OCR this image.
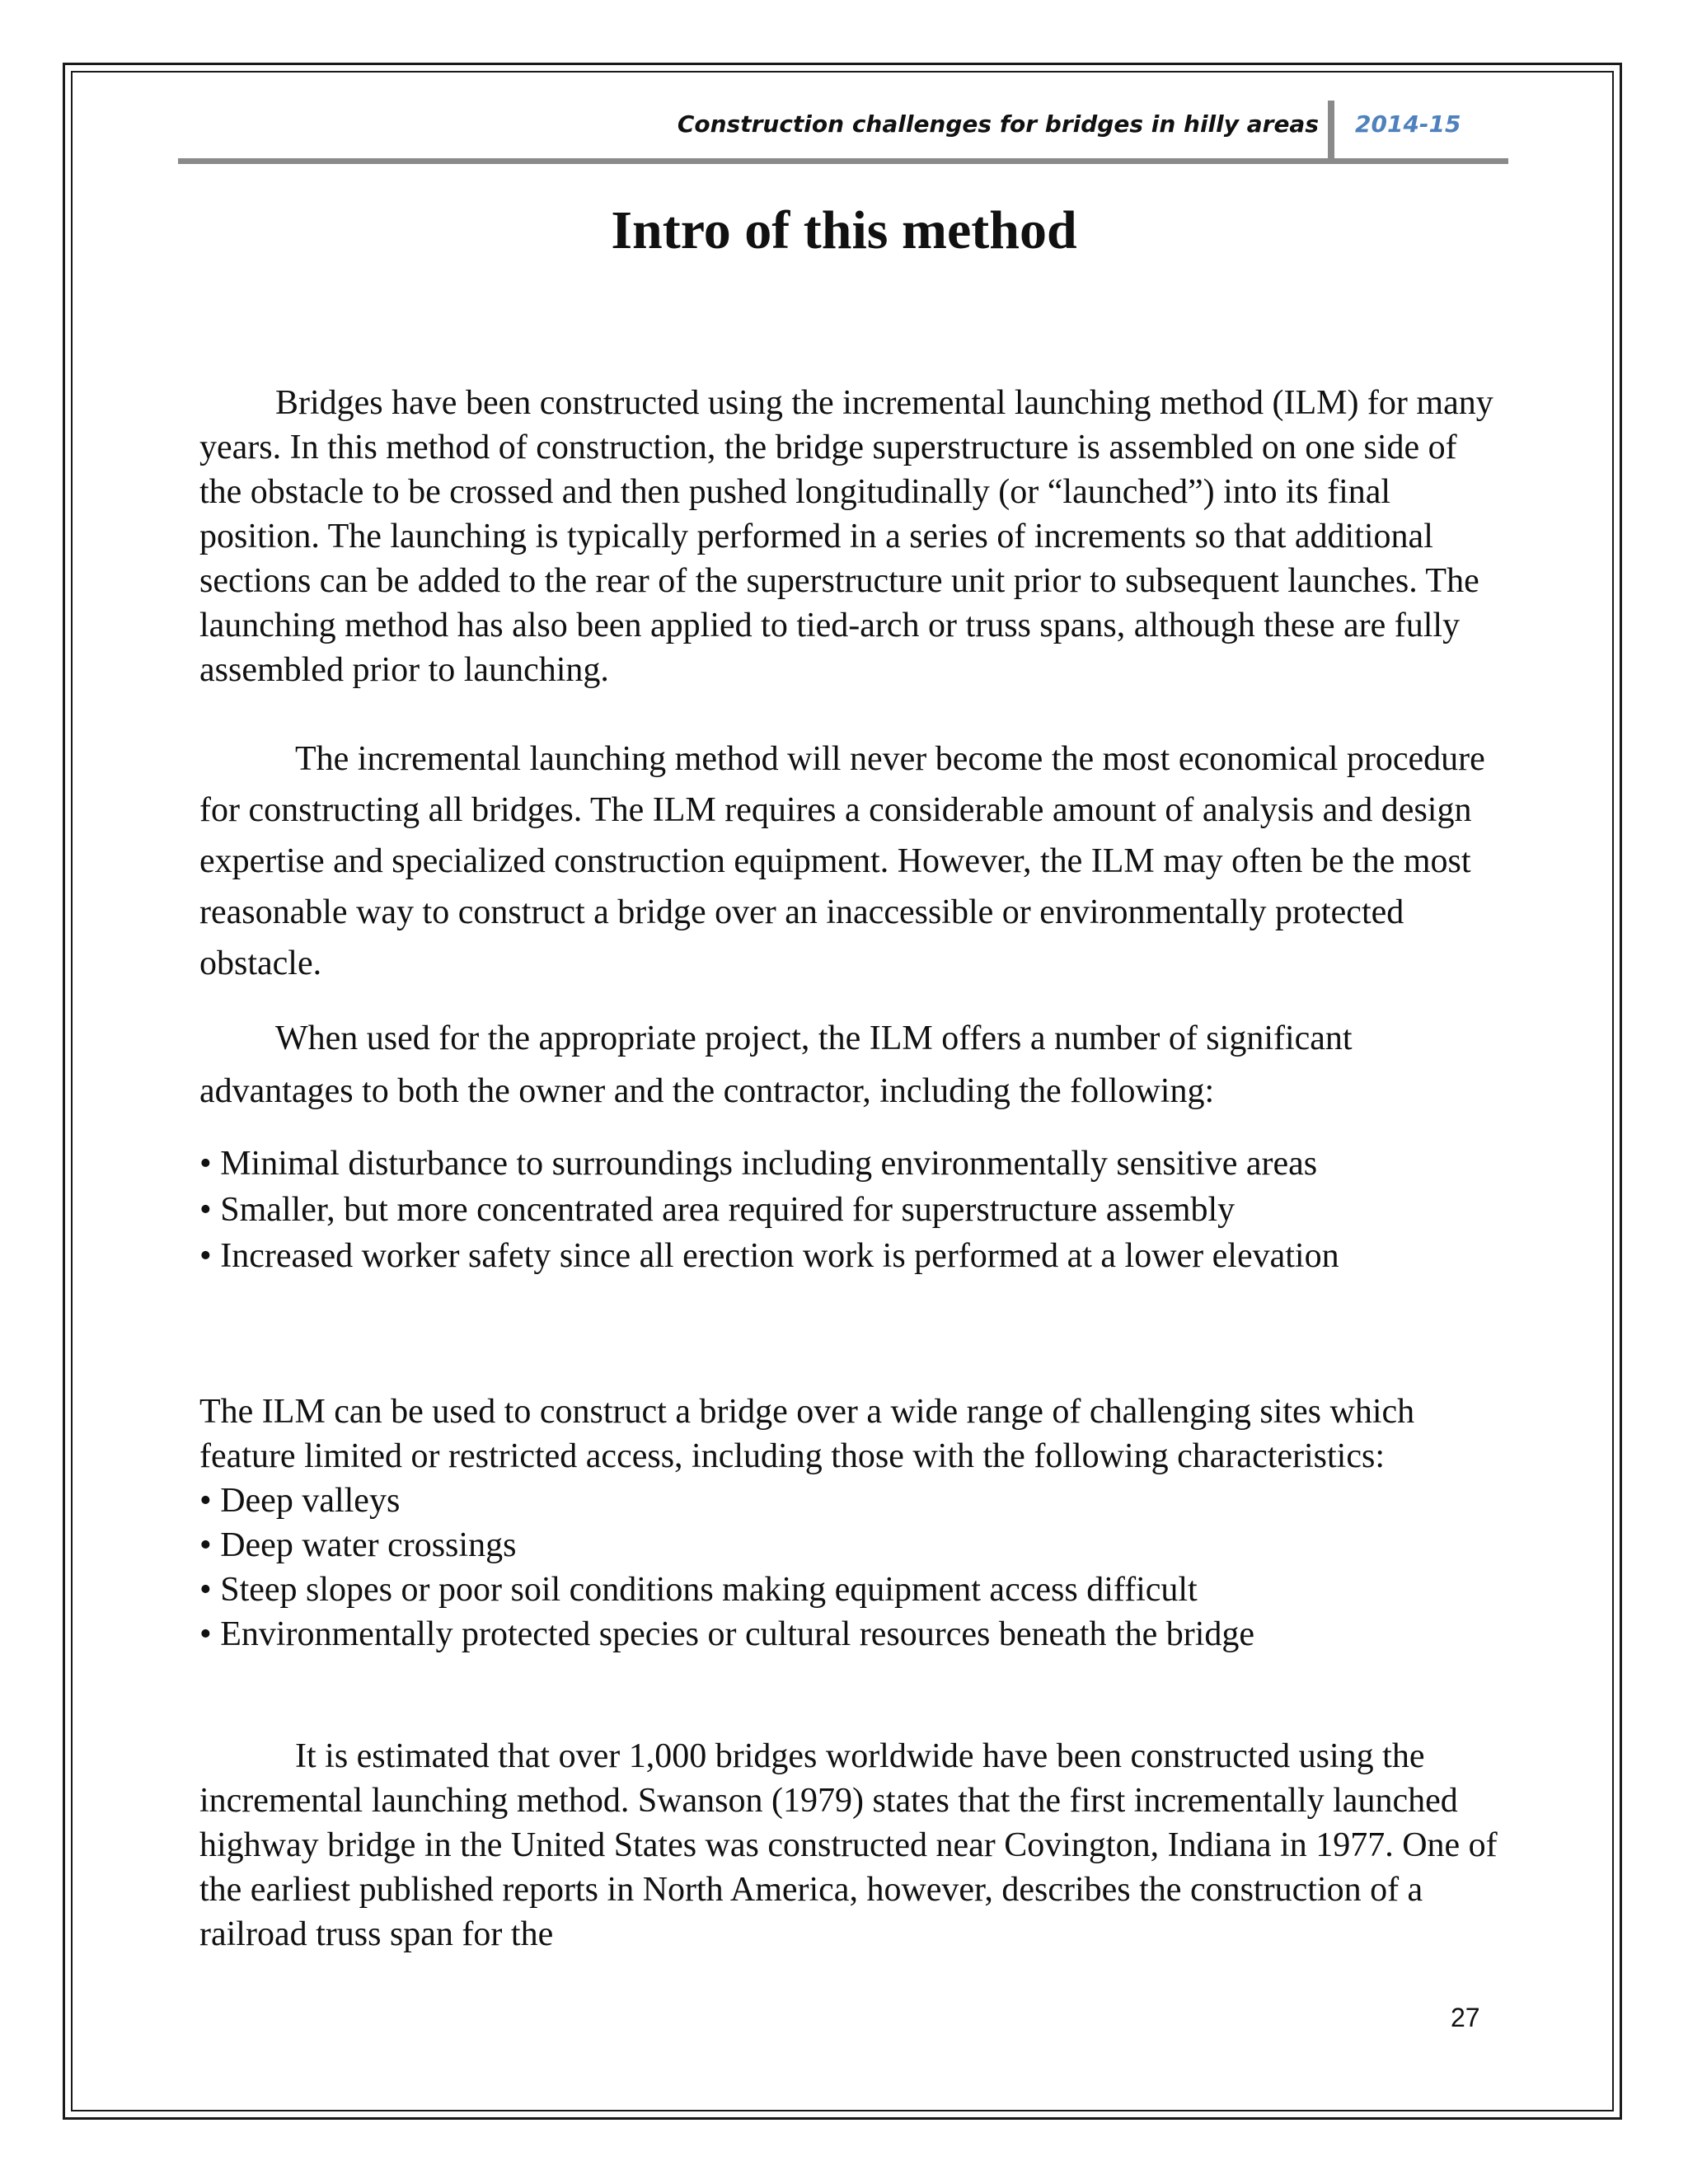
Construction challenges for bridges in hilly areas 2014-15
Intro of this method

Bridges have been constructed using the incremental launching method (ILM) for many years. In this method of construction, the bridge superstructure is assembled on one side of the obstacle to be crossed and then pushed longitudinally (or “launched”) into its final position. The launching is typically performed in a series of increments so that additional sections can be added to the rear of the superstructure unit prior to subsequent launches. The launching method has also been applied to tied-arch or truss spans, although these are fully assembled prior to launching.

The incremental launching method will never become the most economical procedure for constructing all bridges. The ILM requires a considerable amount of analysis and design expertise and specialized construction equipment. However, the ILM may often be the most reasonable way to construct a bridge over an inaccessible or environmentally protected obstacle.

When used for the appropriate project, the ILM offers a number of significant advantages to both the owner and the contractor, including the following:

• Minimal disturbance to surroundings including environmentally sensitive areas
• Smaller, but more concentrated area required for superstructure assembly
• Increased worker safety since all erection work is performed at a lower elevation

The ILM can be used to construct a bridge over a wide range of challenging sites which feature limited or restricted access, including those with the following characteristics:

• Deep valleys
• Deep water crossings
• Steep slopes or poor soil conditions making equipment access difficult
• Environmentally protected species or cultural resources beneath the bridge

It is estimated that over 1,000 bridges worldwide have been constructed using the incremental launching method. Swanson (1979) states that the first incrementally launched highway bridge in the United States was constructed near Covington, Indiana in 1977. One of the earliest published reports in North America, however, describes the construction of a railroad truss span for the

27
